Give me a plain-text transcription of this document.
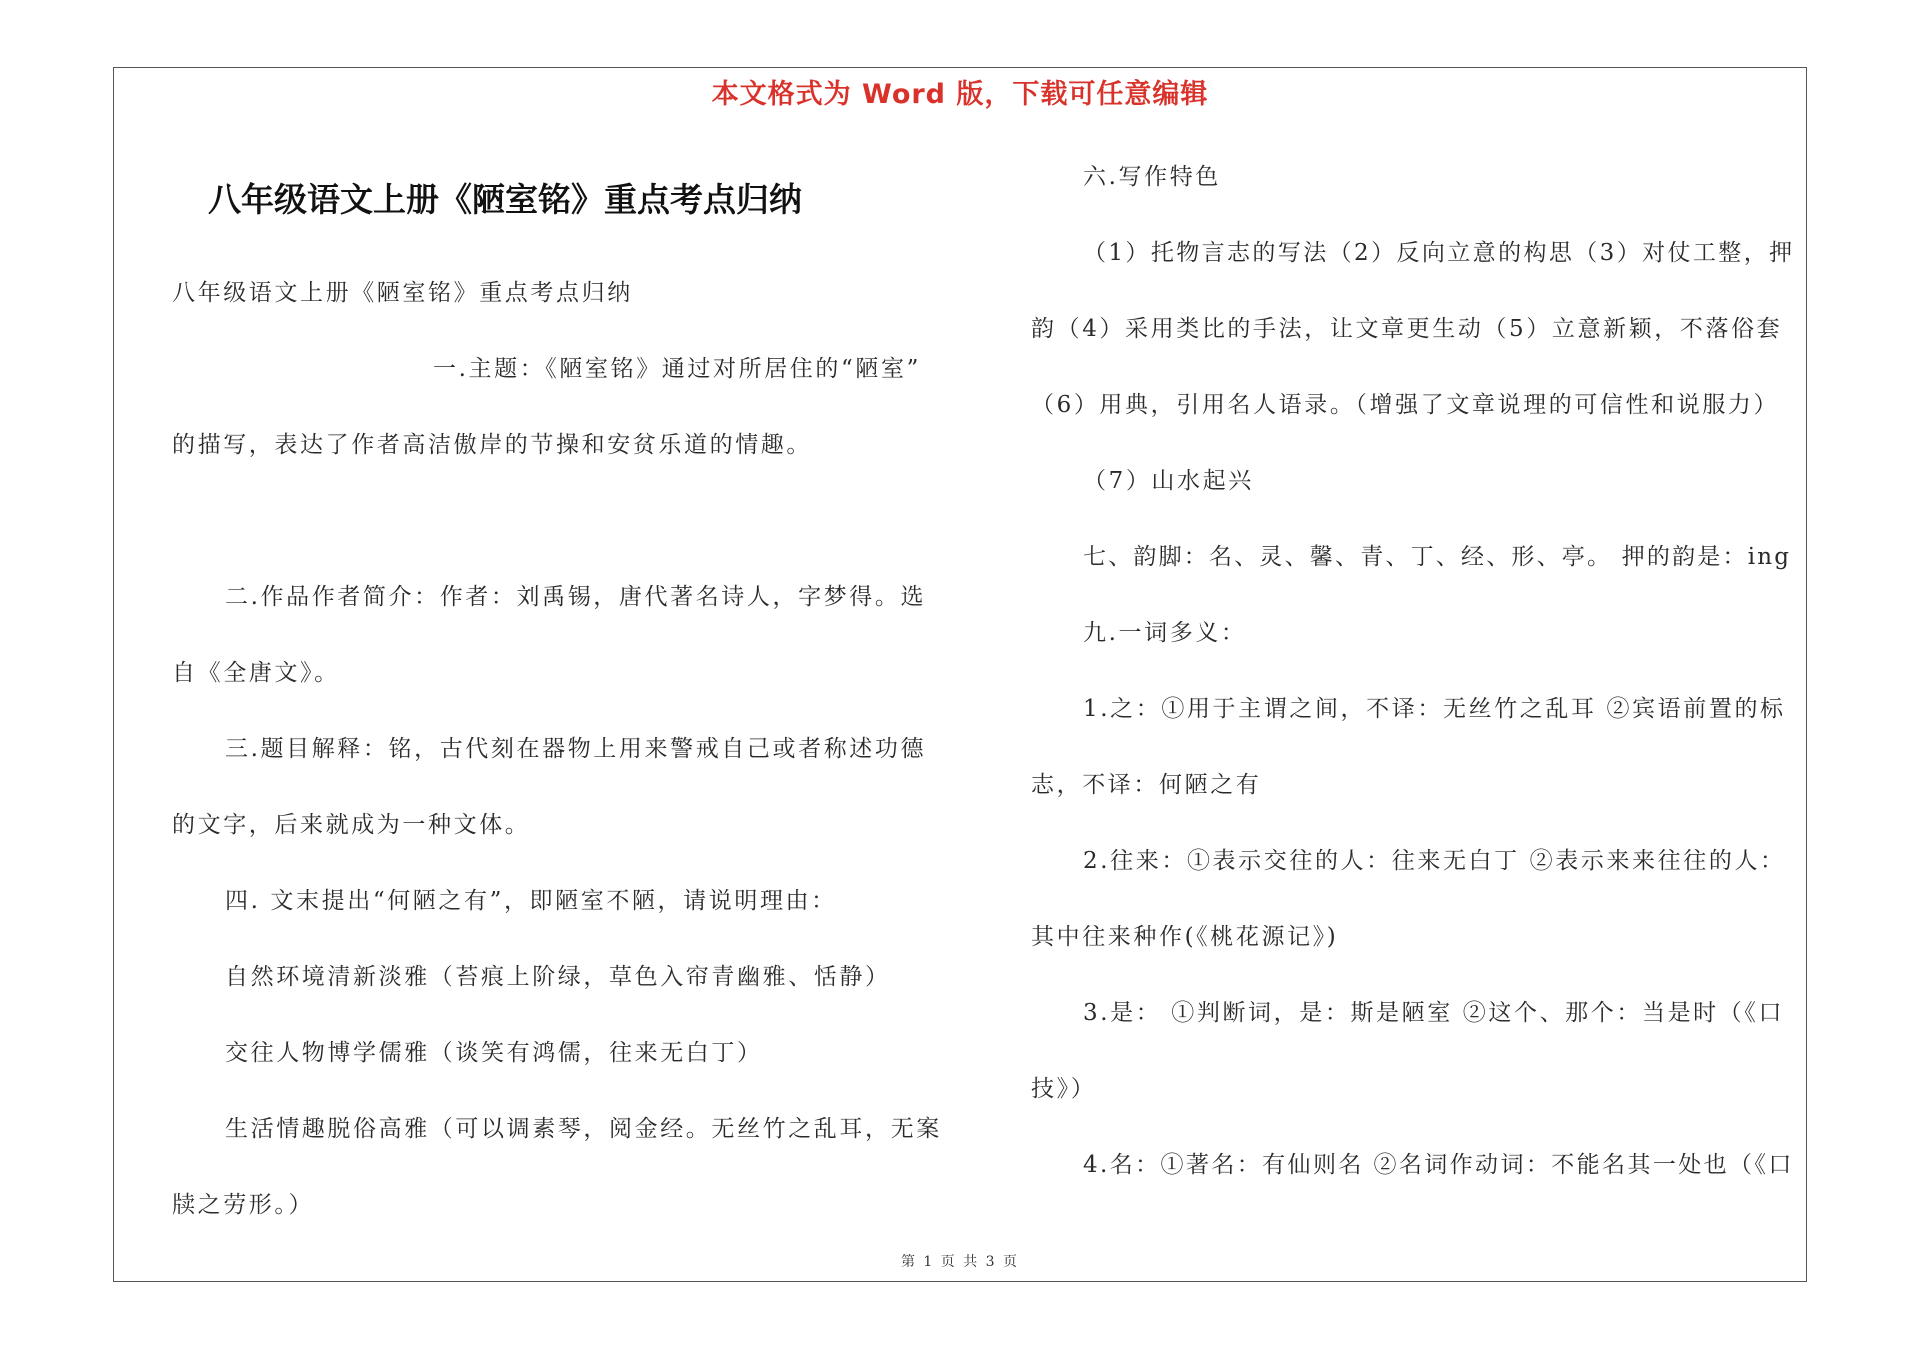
本文格式为 Word 版，下载可任意编辑
八年级语文上册《陋室铭》重点考点归纳
八年级语文上册《陋室铭》重点考点归纳
一.主题：《陋室铭》通过对所居住的“陋室”
的描写，表达了作者高洁傲岸的节操和安贫乐道的情趣。
二.作品作者简介：作者：刘禹锡，唐代著名诗人，字梦得。选
自《全唐文》。
三.题目解释：铭，古代刻在器物上用来警戒自己或者称述功德
的文字，后来就成为一种文体。
四. 文末提出“何陋之有”，即陋室不陋，请说明理由：
自然环境清新淡雅（苔痕上阶绿，草色入帘青幽雅、恬静）
交往人物博学儒雅（谈笑有鸿儒，往来无白丁）
生活情趣脱俗高雅（可以调素琴，阅金经。无丝竹之乱耳，无案
牍之劳形。）
六.写作特色
（1）托物言志的写法（2）反向立意的构思（3）对仗工整，押
韵（4）采用类比的手法，让文章更生动（5）立意新颖，不落俗套
（6）用典，引用名人语录。（增强了文章说理的可信性和说服力）
（7）山水起兴
七、韵脚：名、灵、馨、青、丁、经、形、亭。 押的韵是：ing
九.一词多义：
1.之：①用于主谓之间，不译：无丝竹之乱耳 ②宾语前置的标
志，不译：何陋之有
2.往来：①表示交往的人：往来无白丁 ②表示来来往往的人：
其中往来种作(《桃花源记》)
3.是： ①判断词，是：斯是陋室 ②这个、那个：当是时（《口
技》）
4.名：①著名：有仙则名 ②名词作动词：不能名其一处也（《口
第 1 页 共 3 页
